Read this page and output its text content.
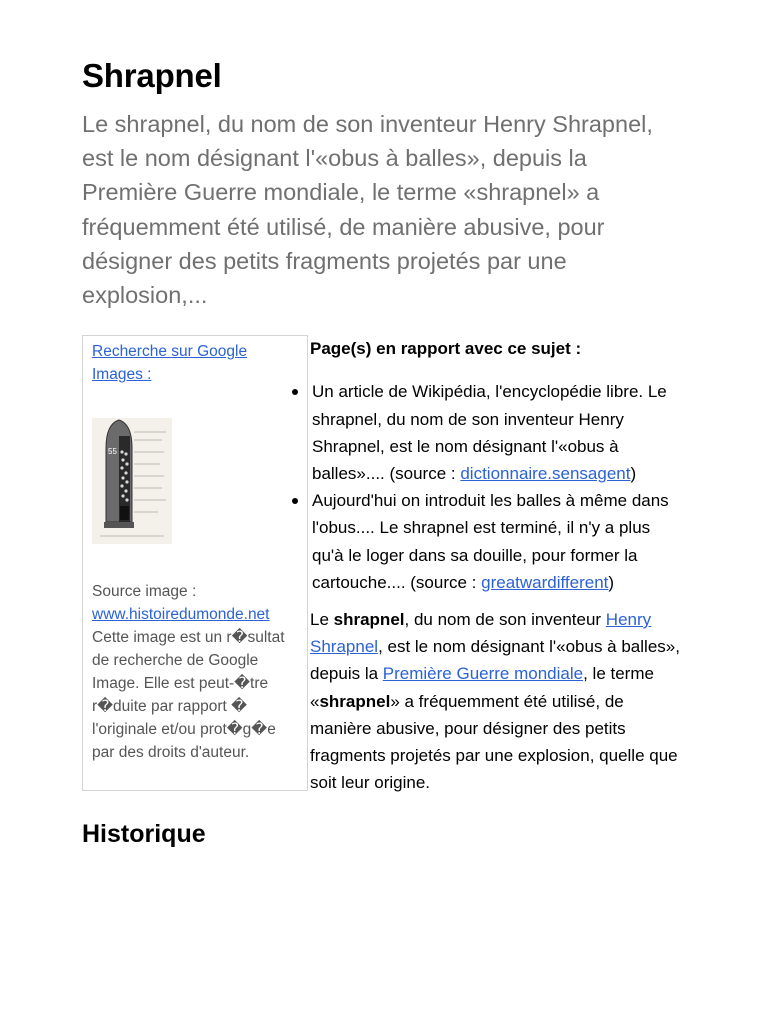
Shrapnel

Le shrapnel, du nom de son inventeur Henry Shrapnel, est le nom désignant l'«obus à balles», depuis la Première Guerre mondiale, le terme «shrapnel» a fréquemment été utilisé, de manière abusive, pour désigner des petits fragments projetés par une explosion,...

Recherche sur Google Images :
55
Source image :
www.histoiredumonde.net
Cette image est un r�sultat de recherche de Google Image. Elle est peut-�tre r�duite par rapport � l'originale et/ou prot�g�e par des droits d'auteur.

Page(s) en rapport avec ce sujet :

Un article de Wikipédia, l'encyclopédie libre. Le shrapnel, du nom de son inventeur Henry Shrapnel, est le nom désignant l'«obus à balles».... (source : dictionnaire.sensagent)
Aujourd'hui on introduit les balles à même dans l'obus.... Le shrapnel est terminé, il n'y a plus qu'à le loger dans sa douille, pour former la cartouche.... (source : greatwardifferent)

Le shrapnel, du nom de son inventeur Henry Shrapnel, est le nom désignant l'«obus à balles», depuis la Première Guerre mondiale, le terme «shrapnel» a fréquemment été utilisé, de manière abusive, pour désigner des petits fragments projetés par une explosion, quelle que soit leur origine.

Historique
